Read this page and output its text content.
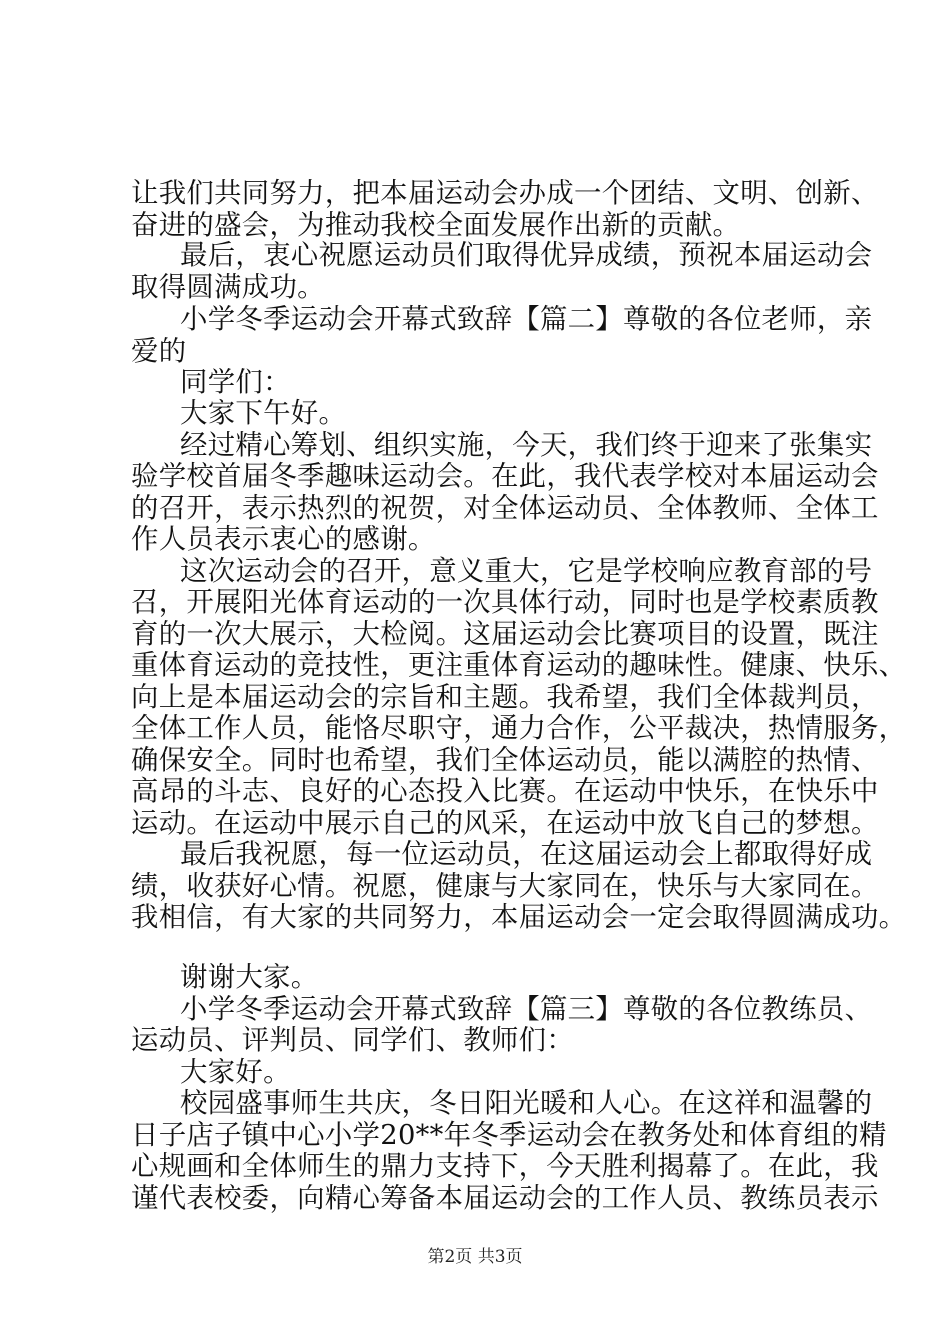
让我们共同努力，把本届运动会办成一个团结、文明、创新、
奋进的盛会，为推动我校全面发展作出新的贡献。
最后，衷心祝愿运动员们取得优异成绩，预祝本届运动会
取得圆满成功。
小学冬季运动会开幕式致辞【篇二】尊敬的各位老师，亲
爱的
同学们：
大家下午好。
经过精心筹划、组织实施，今天，我们终于迎来了张集实
验学校首届冬季趣味运动会。在此，我代表学校对本届运动会
的召开，表示热烈的祝贺，对全体运动员、全体教师、全体工
作人员表示衷心的感谢。
这次运动会的召开，意义重大，它是学校响应教育部的号
召，开展阳光体育运动的一次具体行动，同时也是学校素质教
育的一次大展示，大检阅。这届运动会比赛项目的设置，既注
重体育运动的竞技性，更注重体育运动的趣味性。健康、快乐、
向上是本届运动会的宗旨和主题。我希望，我们全体裁判员，
全体工作人员，能恪尽职守，通力合作，公平裁决，热情服务，
确保安全。同时也希望，我们全体运动员，能以满腔的热情、
高昂的斗志、良好的心态投入比赛。在运动中快乐，在快乐中
运动。在运动中展示自己的风采，在运动中放飞自己的梦想。
最后我祝愿，每一位运动员，在这届运动会上都取得好成
绩，收获好心情。祝愿，健康与大家同在，快乐与大家同在。
我相信，有大家的共同努力，本届运动会一定会取得圆满成功。
谢谢大家。
小学冬季运动会开幕式致辞【篇三】尊敬的各位教练员、
运动员、评判员、同学们、教师们：
大家好。
校园盛事师生共庆，冬日阳光暖和人心。在这祥和温馨的
日子店子镇中心小学20**年冬季运动会在教务处和体育组的精
心规画和全体师生的鼎力支持下，今天胜利揭幕了。在此，我
谨代表校委，向精心筹备本届运动会的工作人员、教练员表示
第2页 共3页
